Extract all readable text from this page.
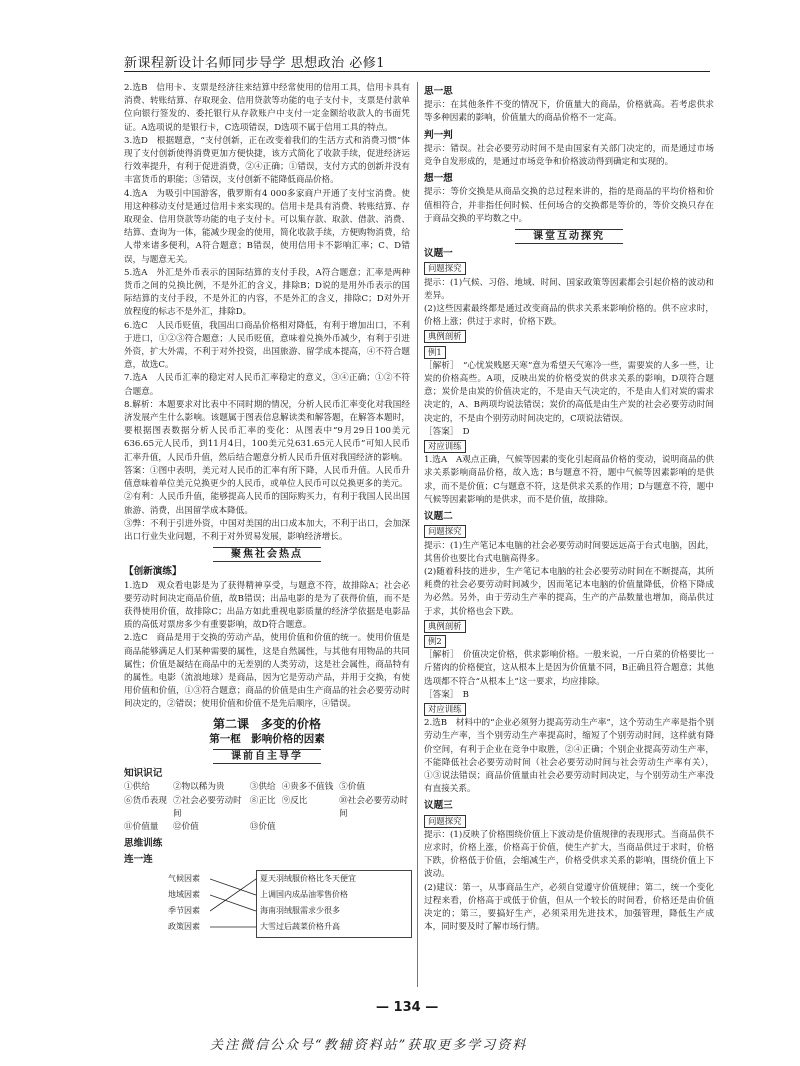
新课程新设计名师同步导学 思想政治 必修1

2.选B　信用卡、支票是经济往来结算中经常使用的信用工具，信用卡具有消费、转账结算、存取现金、信用贷款等功能的电子支付卡，支票是付款单位向银行签发的、委托银行从存款账户中支付一定金额给收款人的书面凭证。A选项说的是银行卡，C选项错误，D选项不属于信用工具的特点。

3.选D　根据题意，“支付创新，正在改变着我们的生活方式和消费习惯”体现了支付创新使得消费更加方便快捷，该方式简化了收款手续，促进经济运行效率提升，有利于促进消费，②④正确；①错误，支付方式的创新并没有丰富货币的职能；③错误，支付创新不能降低商品价格。

4.选A　为吸引中国游客，俄罗斯有4 000多家商户开通了支付宝消费。使用这种移动支付是通过信用卡来实现的。信用卡是具有消费、转账结算、存取现金、信用贷款等功能的电子支付卡。可以集存款、取款、借款、消费、结算、查询为一体，能减少现金的使用，简化收款手续，方便购物消费，给人带来诸多便利，A符合题意；B错误，使用信用卡不影响汇率；C、D错误，与题意无关。

5.选A　外汇是外币表示的国际结算的支付手段，A符合题意；汇率是两种货币之间的兑换比例，不是外汇的含义，排除B；D说的是用外币表示的国际结算的支付手段，不是外汇的内容，不是外汇的含义，排除C；D对外开放程度的标志不是外汇，排除D。

6.选C　人民币贬值，我国出口商品价格相对降低，有利于增加出口，不利于进口，①②③符合题意；人民币贬值，意味着兑换外币减少，有利于引进外资，扩大外需，不利于对外投资，出国旅游、留学成本提高，④不符合题意，故选C。

7.选A　人民币汇率的稳定对人民币汇率稳定的意义，③④正确；①②不符合题意。

8.解析：本题要求对比表中不同时期的情况，分析人民币汇率变化对我国经济发展产生什么影响。该题属于图表信息解读类和解答题，在解答本题时，要根据图表数据分析人民币汇率的变化：从图表中“9月29日100美元636.65元人民币，到11月4日，100美元兑631.65元人民币”可知人民币汇率升值，人民币升值，然后结合题意分析人民币升值对我国经济的影响。

答案：①图中表明，美元对人民币的汇率有所下降，人民币升值。人民币升值意味着单位美元兑换更少的人民币，或单位人民币可以兑换更多的美元。

②有利：人民币升值，能够提高人民币的国际购买力，有利于我国人民出国旅游、消费，出国留学成本降低。

③弊：不利于引进外资，中国对美国的出口成本加大，不利于出口，会加深出口行业失业问题，不利于对外贸易发展，影响经济增长。

聚焦社会热点
【创新演练】

1.选D　观众看电影是为了获得精神享受，与题意不符，故排除A；社会必要劳动时间决定商品价值，故B错误；出品电影的是为了获得价值，而不是获得使用价值，故排除C；出品方如此重视电影质量的经济学依据是电影品质的高低对票房多少有重要影响，故D符合题意。

2.选C　商品是用于交换的劳动产品，使用价值和价值的统一。使用价值是商品能够满足人们某种需要的属性，这是自然属性，与其他有用物品的共同属性；价值是凝结在商品中的无差别的人类劳动，这是社会属性，商品特有的属性。电影（流浪地球）是商品，因为它是劳动产品，并用于交换，有使用价值和价值，①③符合题意；商品的价值是由生产商品的社会必要劳动时间决定的，②错误；使用价值和价值不是先后顺序，④错误。

第二课　多变的价格
第一框　影响价格的因素
课前自主导学
知识识记
①供给	②物以稀为贵	③供给 ④贵多不值钱 ⑤价值
⑥货币表现 ⑦社会必要劳动时间
⑧正比 ⑨反比	⑩社会必要劳动时间
⑪价值量	⑫价值	⑬价值
思维训练
连一连
气候因素
地域因素
季节因素
政策因素
夏天羽绒服价格比冬天便宜
上调国内成品油零售价格
海南羽绒服需求少很多
大雪过后蔬菜价格升高
思一思

提示：在其他条件不变的情况下，价值量大的商品，价格就高。若考虑供求等多种因素的影响，价值量大的商品价格不一定高。

判一判

提示：错误。社会必要劳动时间不是由国家有关部门决定的，而是通过市场竞争自发形成的，是通过市场竞争和价格波动得到确定和实现的。

想一想

提示：等价交换是从商品交换的总过程来讲的，指的是商品的平均价格和价值相符合，并非指任何时候、任何场合的交换都是等价的，等价交换只存在于商品交换的平均数之中。

课堂互动探究
议题一
问题探究

提示：(1)气候、习俗、地域、时间、国家政策等因素都会引起价格的波动和差异。

(2)这些因素最终都是通过改变商品的供求关系来影响价格的。供不应求时，价格上涨；供过于求时，价格下跌。

典例剖析
例1

［解析］　“心忧炭贱愿天寒”意为希望天气寒冷一些，需要炭的人多一些，让炭的价格高些。A项，反映出炭的价格受炭的供求关系的影响，D项符合题意；炭价是由炭的价值决定的，不是由天气决定的，不是由人们对炭的需求决定的，A、B两项均说法错误；炭价的高低是由生产炭的社会必要劳动时间决定的，不是由个别劳动时间决定的，C项说法错误。

［答案］　D

对应训练

1.选A　A观点正确，气候等因素的变化引起商品价格的变动，说明商品的供求关系影响商品价格，故入选；B与题意不符，题中气候等因素影响的是供求，而不是价值；C与题意不符，这是供求关系的作用；D与题意不符，题中气候等因素影响的是供求，而不是价值，故排除。

议题二
问题探究

提示：(1)生产笔记本电脑的社会必要劳动时间要远远高于台式电脑，因此，其售价也要比台式电脑高得多。

(2)随着科技的进步，生产笔记本电脑的社会必要劳动时间在不断提高，其所耗费的社会必要劳动时间减少，因而笔记本电脑的价值量降低，价格下降成为必然。另外，由于劳动生产率的提高，生产的产品数量也增加，商品供过于求，其价格也会下跌。

典例剖析
例2

［解析］　价值决定价格，供求影响价格。一般来说，一斤白菜的价格要比一斤猪肉的价格便宜，这从根本上是因为价值量不同，B正确且符合题意；其他选项都不符合“从根本上”这一要求，均应排除。

［答案］　B

对应训练

2.选B　材料中的“企业必须努力提高劳动生产率”，这个劳动生产率是指个别劳动生产率，当个别劳动生产率提高时，缩短了个别劳动时间，这样就有降价空间，有利于企业在竞争中取胜，②④正确；个别企业提高劳动生产率，不能降低社会必要劳动时间（社会必要劳动时间与社会劳动生产率有关），①③说法错误；商品价值量由社会必要劳动时间决定，与个别劳动生产率没有直接关系。

议题三
问题探究

提示：(1)反映了价格围绕价值上下波动是价值规律的表现形式。当商品供不应求时，价格上涨，价格高于价值，使生产扩大，当商品供过于求时，价格下跌，价格低于价值，会缩减生产，价格受供求关系的影响，围绕价值上下波动。

(2)建议：第一，从事商品生产，必须自觉遵守价值规律；第二，统一个变化过程来看，价格高于或低于价值，但从一个较长的时间看，价格还是由价值决定的；第三，要搞好生产，必须采用先进技术，加强管理，降低生产成本，同时要及时了解市场行情。

— 134 —
关注微信公众号“教辅资料站”获取更多学习资料
